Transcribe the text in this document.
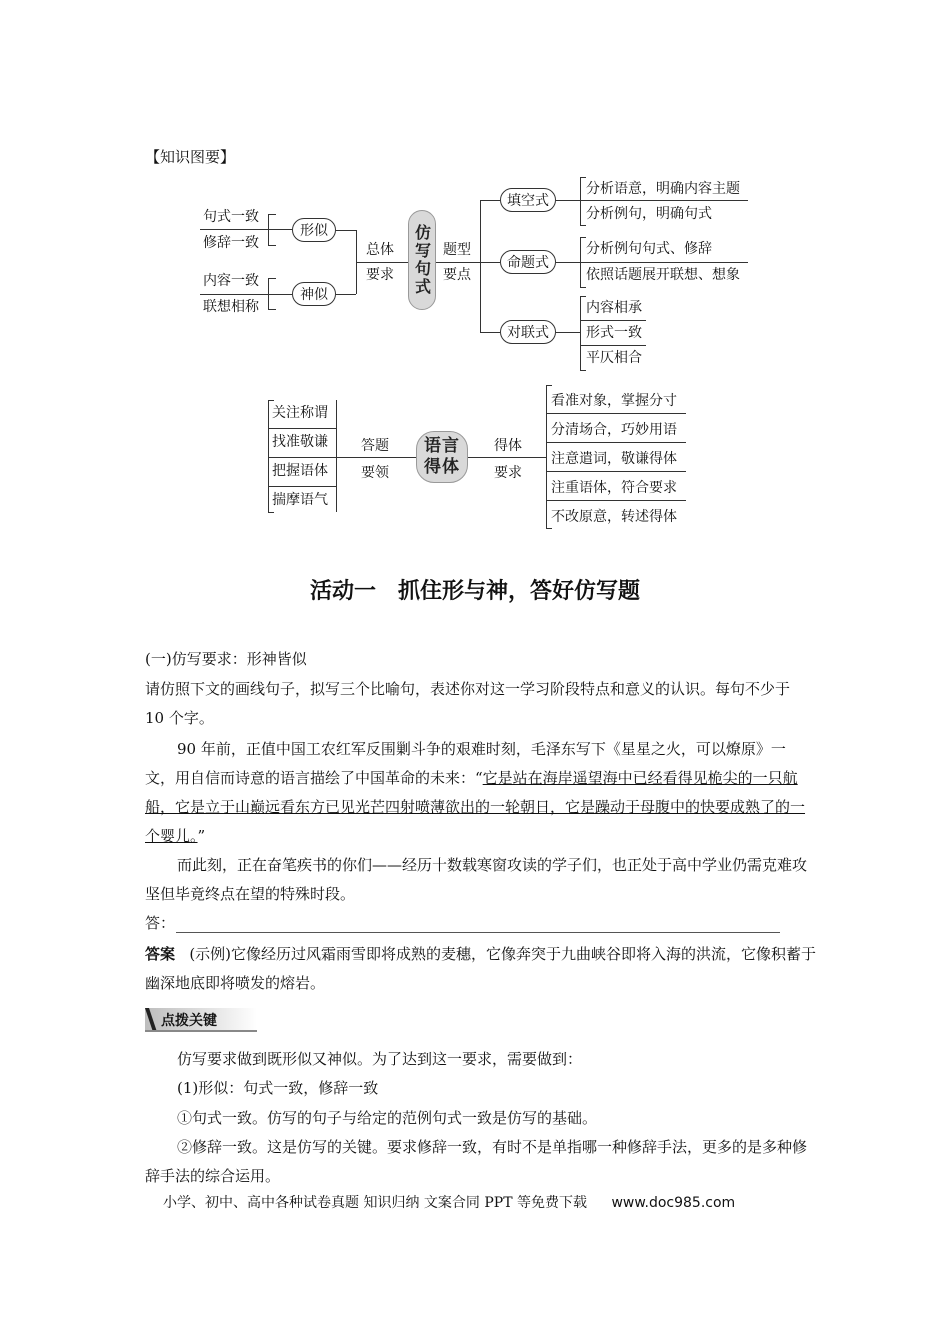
【知识图要】
句式一致
修辞一致
内容一致
联想相称
形似
神似
总体
要求 仿写句式 题型
要点
填空式
命题式
对联式
分析语意，明确内容主题
分析例句，明确句式
分析例句句式、修辞
依照话题展开联想、想象
内容相承
形式一致
平仄相合
关注称谓
找准敬谦
把握语体
揣摩语气
答题
要领
语言得体
得体
要求
看准对象，掌握分寸
分清场合，巧妙用语
注意遣词，敬谦得体
注重语体，符合要求
不改原意，转述得体
活动一　抓住形与神，答好仿写题
(一)仿写要求：形神皆似
请仿照下文的画线句子，拟写三个比喻句，表述你对这一学习阶段特点和意义的认识。每句不少于 10 个字。
90 年前，正值中国工农红军反围剿斗争的艰难时刻，毛泽东写下《星星之火，可以燎原》一文，用自信而诗意的语言描绘了中国革命的未来：“它是站在海岸遥望海中已经看得见桅尖的一只航船，它是立于山巅远看东方已见光芒四射喷薄欲出的一轮朝日，它是躁动于母腹中的快要成熟了的一个婴儿。”
而此刻，正在奋笔疾书的你们——经历十数载寒窗攻读的学子们，也正处于高中学业仍需克难攻坚但毕竟终点在望的特殊时段。
答：
答案 (示例)它像经历过风霜雨雪即将成熟的麦穗，它像奔突于九曲峡谷即将入海的洪流，它像积蓄于幽深地底即将喷发的熔岩。
点拨关键
仿写要求做到既形似又神似。为了达到这一要求，需要做到：
(1)形似：句式一致，修辞一致
①句式一致。仿写的句子与给定的范例句式一致是仿写的基础。
②修辞一致。这是仿写的关键。要求修辞一致，有时不是单指哪一种修辞手法，更多的是多种修辞手法的综合运用。
小学、初中、高中各种试卷真题 知识归纳 文案合同 PPT 等免费下载 www.doc985.com
